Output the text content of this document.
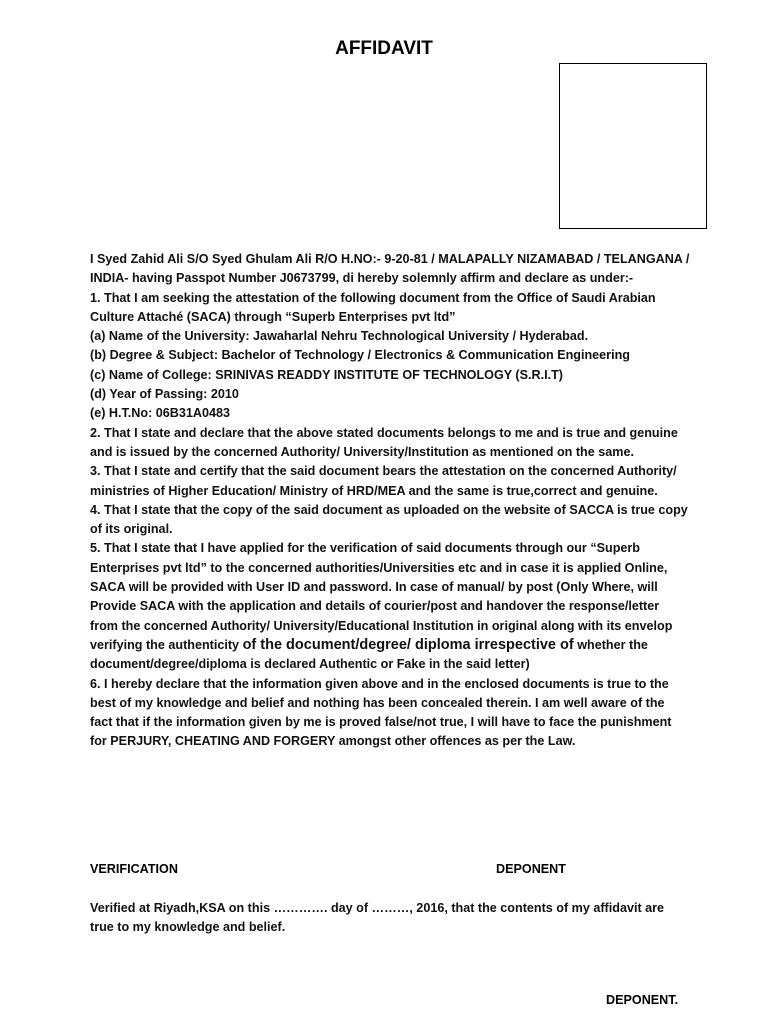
AFFIDAVIT

I Syed Zahid Ali S/O Syed Ghulam Ali R/O H.NO:- 9-20-81 / MALAPALLY NIZAMABAD / TELANGANA / INDIA- having Passpot Number J0673799, di hereby solemnly affirm and declare as under:-

1. That I am seeking the attestation of the following document from the Office of Saudi Arabian Culture Attaché (SACA) through “Superb Enterprises pvt ltd”

(a) Name of the University: Jawaharlal Nehru Technological University / Hyderabad.

(b) Degree & Subject: Bachelor of Technology / Electronics & Communication Engineering

(c) Name of College: SRINIVAS READDY INSTITUTE OF TECHNOLOGY (S.R.I.T)

(d) Year of Passing: 2010

(e) H.T.No: 06B31A0483

2. That I state and declare that the above stated documents belongs to me and is true and genuine and is issued by the concerned Authority/ University/Institution as mentioned on the same.

3. That I state and certify that the said document bears the attestation on the concerned Authority/ ministries of Higher Education/ Ministry of HRD/MEA and the same is true,correct and genuine.

4. That I state that the copy of the said document as uploaded on the website of SACCA is true copy of its original.

5. That I state that I have applied for the verification of said documents through our “Superb Enterprises pvt ltd” to the concerned authorities/Universities etc and in case it is applied Online, SACA will be provided with User ID and password. In case of manual/ by post (Only Where, will Provide SACA with the application and details of courier/post and handover the response/letter from the concerned Authority/ University/Educational Institution in original along with its envelop verifying the authenticity of the document/degree/ diploma irrespective of whether the document/degree/diploma is declared Authentic or Fake in the said letter)

6. I hereby declare that the information given above and in the enclosed documents is true to the best of my knowledge and belief and nothing has been concealed therein. I am well aware of the fact that if the information given by me is proved false/not true, I will have to face the punishment for PERJURY, CHEATING AND FORGERY amongst other offences as per the Law.

VERIFICATION	DEPONENT
Verified at Riyadh,KSA on this …………. day of ………, 2016, that the contents of my affidavit are true to my knowledge and belief.
DEPONENT.
